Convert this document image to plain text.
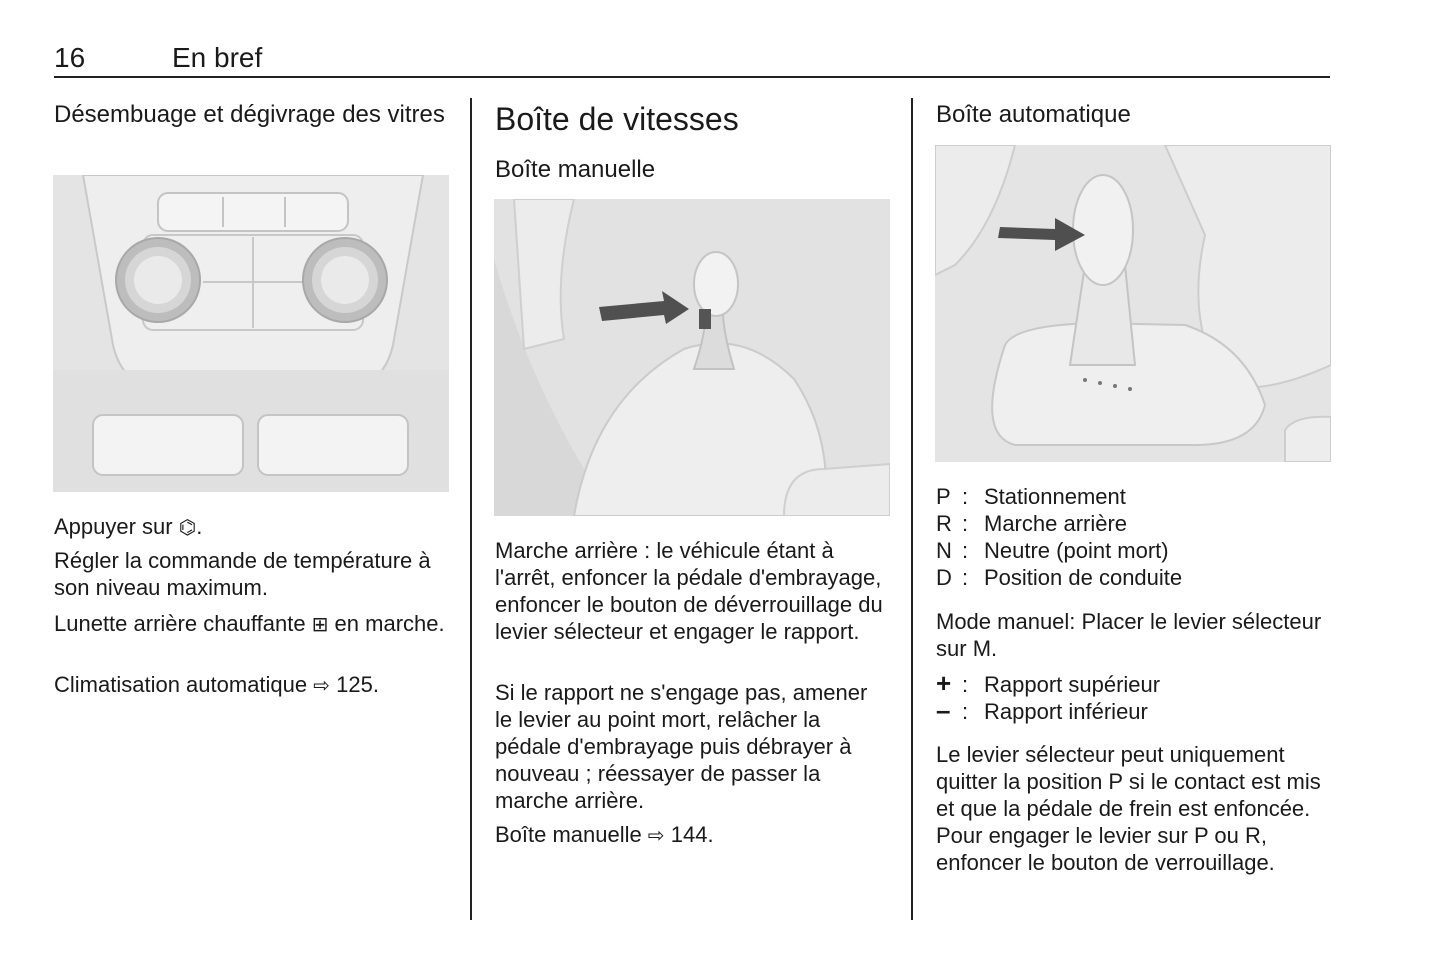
16	En bref
Désembuage et dégivrage des vitres
Appuyer sur ⌬.
Régler la commande de température à son niveau maximum.
Lunette arrière chauffante ⊞ en marche.
Climatisation automatique ⇨ 125.
Boîte de vitesses
Boîte manuelle
Marche arrière : le véhicule étant à l'arrêt, enfoncer la pédale d'embrayage, enfoncer le bouton de déverrouillage du levier sélecteur et engager le rapport.
Si le rapport ne s'engage pas, amener le levier au point mort, relâcher la pédale d'embrayage puis débrayer à nouveau ; réessayer de passer la marche arrière.
Boîte manuelle ⇨ 144.
Boîte automatique
P : Stationnement
R : Marche arrière
N : Neutre (point mort)
D : Position de conduite
Mode manuel: Placer le levier sélecteur sur M.
+ : Rapport supérieur
– : Rapport inférieur
Le levier sélecteur peut uniquement quitter la position P si le contact est mis et que la pédale de frein est enfoncée. Pour engager le levier sur P ou R, enfoncer le bouton de verrouillage.
